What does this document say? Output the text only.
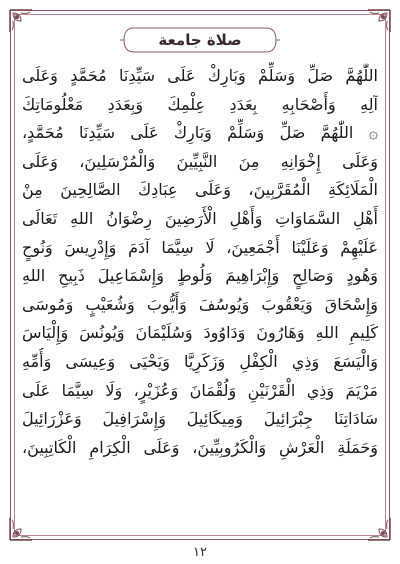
صلاة جامعة
اللّٰهُمَّ صَلِّ وَسَلِّمْ وَبَارِكْ عَلَى سَيِّدِنَا مُحَمَّدٍ وَعَلَى
آلِهِ وَأَصْحَابِهِ بِعَدَدِ عِلْمِكَ وَبِعَدَدِ مَعْلُومَاتِكَ
۞ اللّٰهُمَّ صَلِّ وَسَلِّمْ وَبَارِكْ عَلَى سَيِّدِنَا مُحَمَّدٍ،
وَعَلَى إِخْوَانِهِ مِنَ النَّبِيِّينَ وَالْمُرْسَلِينَ، وَعَلَى
الْمَلَائِكَةِ الْمُقَرَّبِينَ، وَعَلَى عِبَادِكَ الصَّالِحِينَ مِنْ
أَهْلِ السَّمَاوَاتِ وَأَهْلِ الْأَرَضِينَ رِضْوَانُ اللهِ تَعَالَى
عَلَيْهِمْ وَعَلَيْنَا أَجْمَعِينَ، لَا سِيَّمَا آدَمَ وَإِدْرِيسَ وَنُوحٍ
وَهُودٍ وَصَالِحٍ وَإِبْرَاهِيمَ وَلُوطٍ وَإِسْمَاعِيلَ ذَبِيحِ اللهِ
وَإِسْحَاقَ وَيَعْقُوبَ وَيُوسُفَ وَأَيُّوبَ وَشُعَيْبٍ وَمُوسَى
كَلِيمِ اللهِ وَهَارُونَ وَدَاوُودَ وَسُلَيْمَانَ وَيُونُسَ وَإِلْيَاسَ
وَالْيَسَعَ وَذِي الْكِفْلِ وَزَكَرِيَّا وَيَحْيَى وَعِيسَى وَأُمِّهِ
مَرْيَمَ وَذِي الْقَرْنَيْنِ وَلُقْمَانَ وَعُزَيْرٍ، وَلَا سِيَّمَا عَلَى
سَادَاتِنَا جِبْرَائِيلَ وَمِيكَائِيلَ وَإِسْرَافِيلَ وَعَزْرَائِيلَ
وَحَمَلَةِ الْعَرْشِ وَالْكَرُوبِيِّينَ، وَعَلَى الْكِرَامِ الْكَاتِبِينَ،
١٢
